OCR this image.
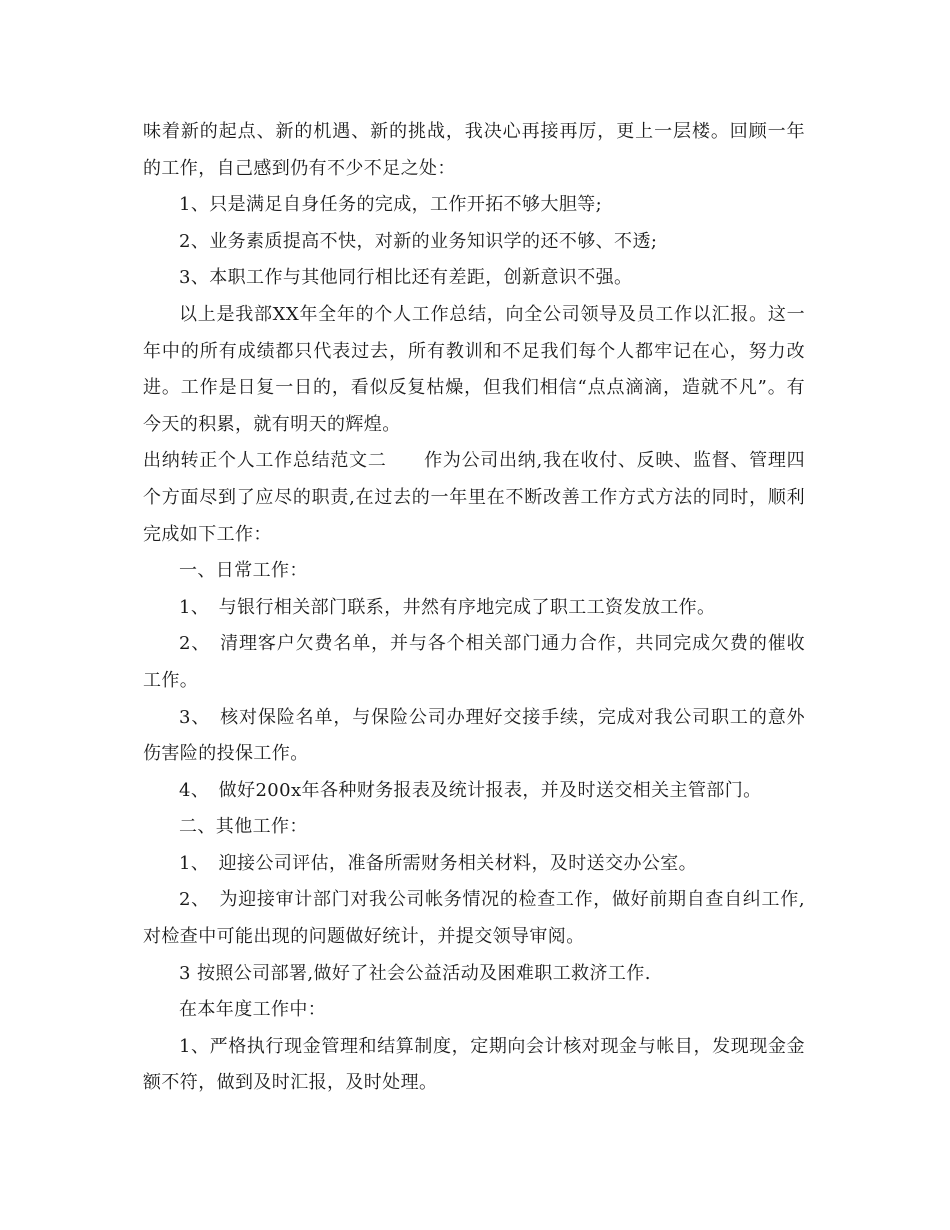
味着新的起点、新的机遇、新的挑战，我决心再接再厉，更上一层楼。回顾一年的工作，自己感到仍有不少不足之处：

1、只是满足自身任务的完成，工作开拓不够大胆等;

2、业务素质提高不快，对新的业务知识学的还不够、不透;

3、本职工作与其他同行相比还有差距，创新意识不强。

以上是我部XX年全年的个人工作总结，向全公司领导及员工作以汇报。这一年中的所有成绩都只代表过去，所有教训和不足我们每个人都牢记在心，努力改进。工作是日复一日的，看似反复枯燥，但我们相信“点点滴滴，造就不凡”。有今天的积累，就有明天的辉煌。

出纳转正个人工作总结范文二　　作为公司出纳,我在收付、反映、监督、管理四个方面尽到了应尽的职责,在过去的一年里在不断改善工作方式方法的同时，顺利完成如下工作：

一、日常工作：

1、　与银行相关部门联系，井然有序地完成了职工工资发放工作。

2、　清理客户欠费名单，并与各个相关部门通力合作，共同完成欠费的催收工作。

3、　核对保险名单，与保险公司办理好交接手续，完成对我公司职工的意外伤害险的投保工作。

4、　做好200x年各种财务报表及统计报表，并及时送交相关主管部门。

二、其他工作：

1、　迎接公司评估，准备所需财务相关材料，及时送交办公室。

2、　为迎接审计部门对我公司帐务情况的检查工作，做好前期自查自纠工作,对检查中可能出现的问题做好统计，并提交领导审阅。

3 按照公司部署,做好了社会公益活动及困难职工救济工作.

在本年度工作中：

1、严格执行现金管理和结算制度，定期向会计核对现金与帐目，发现现金金额不符，做到及时汇报，及时处理。
